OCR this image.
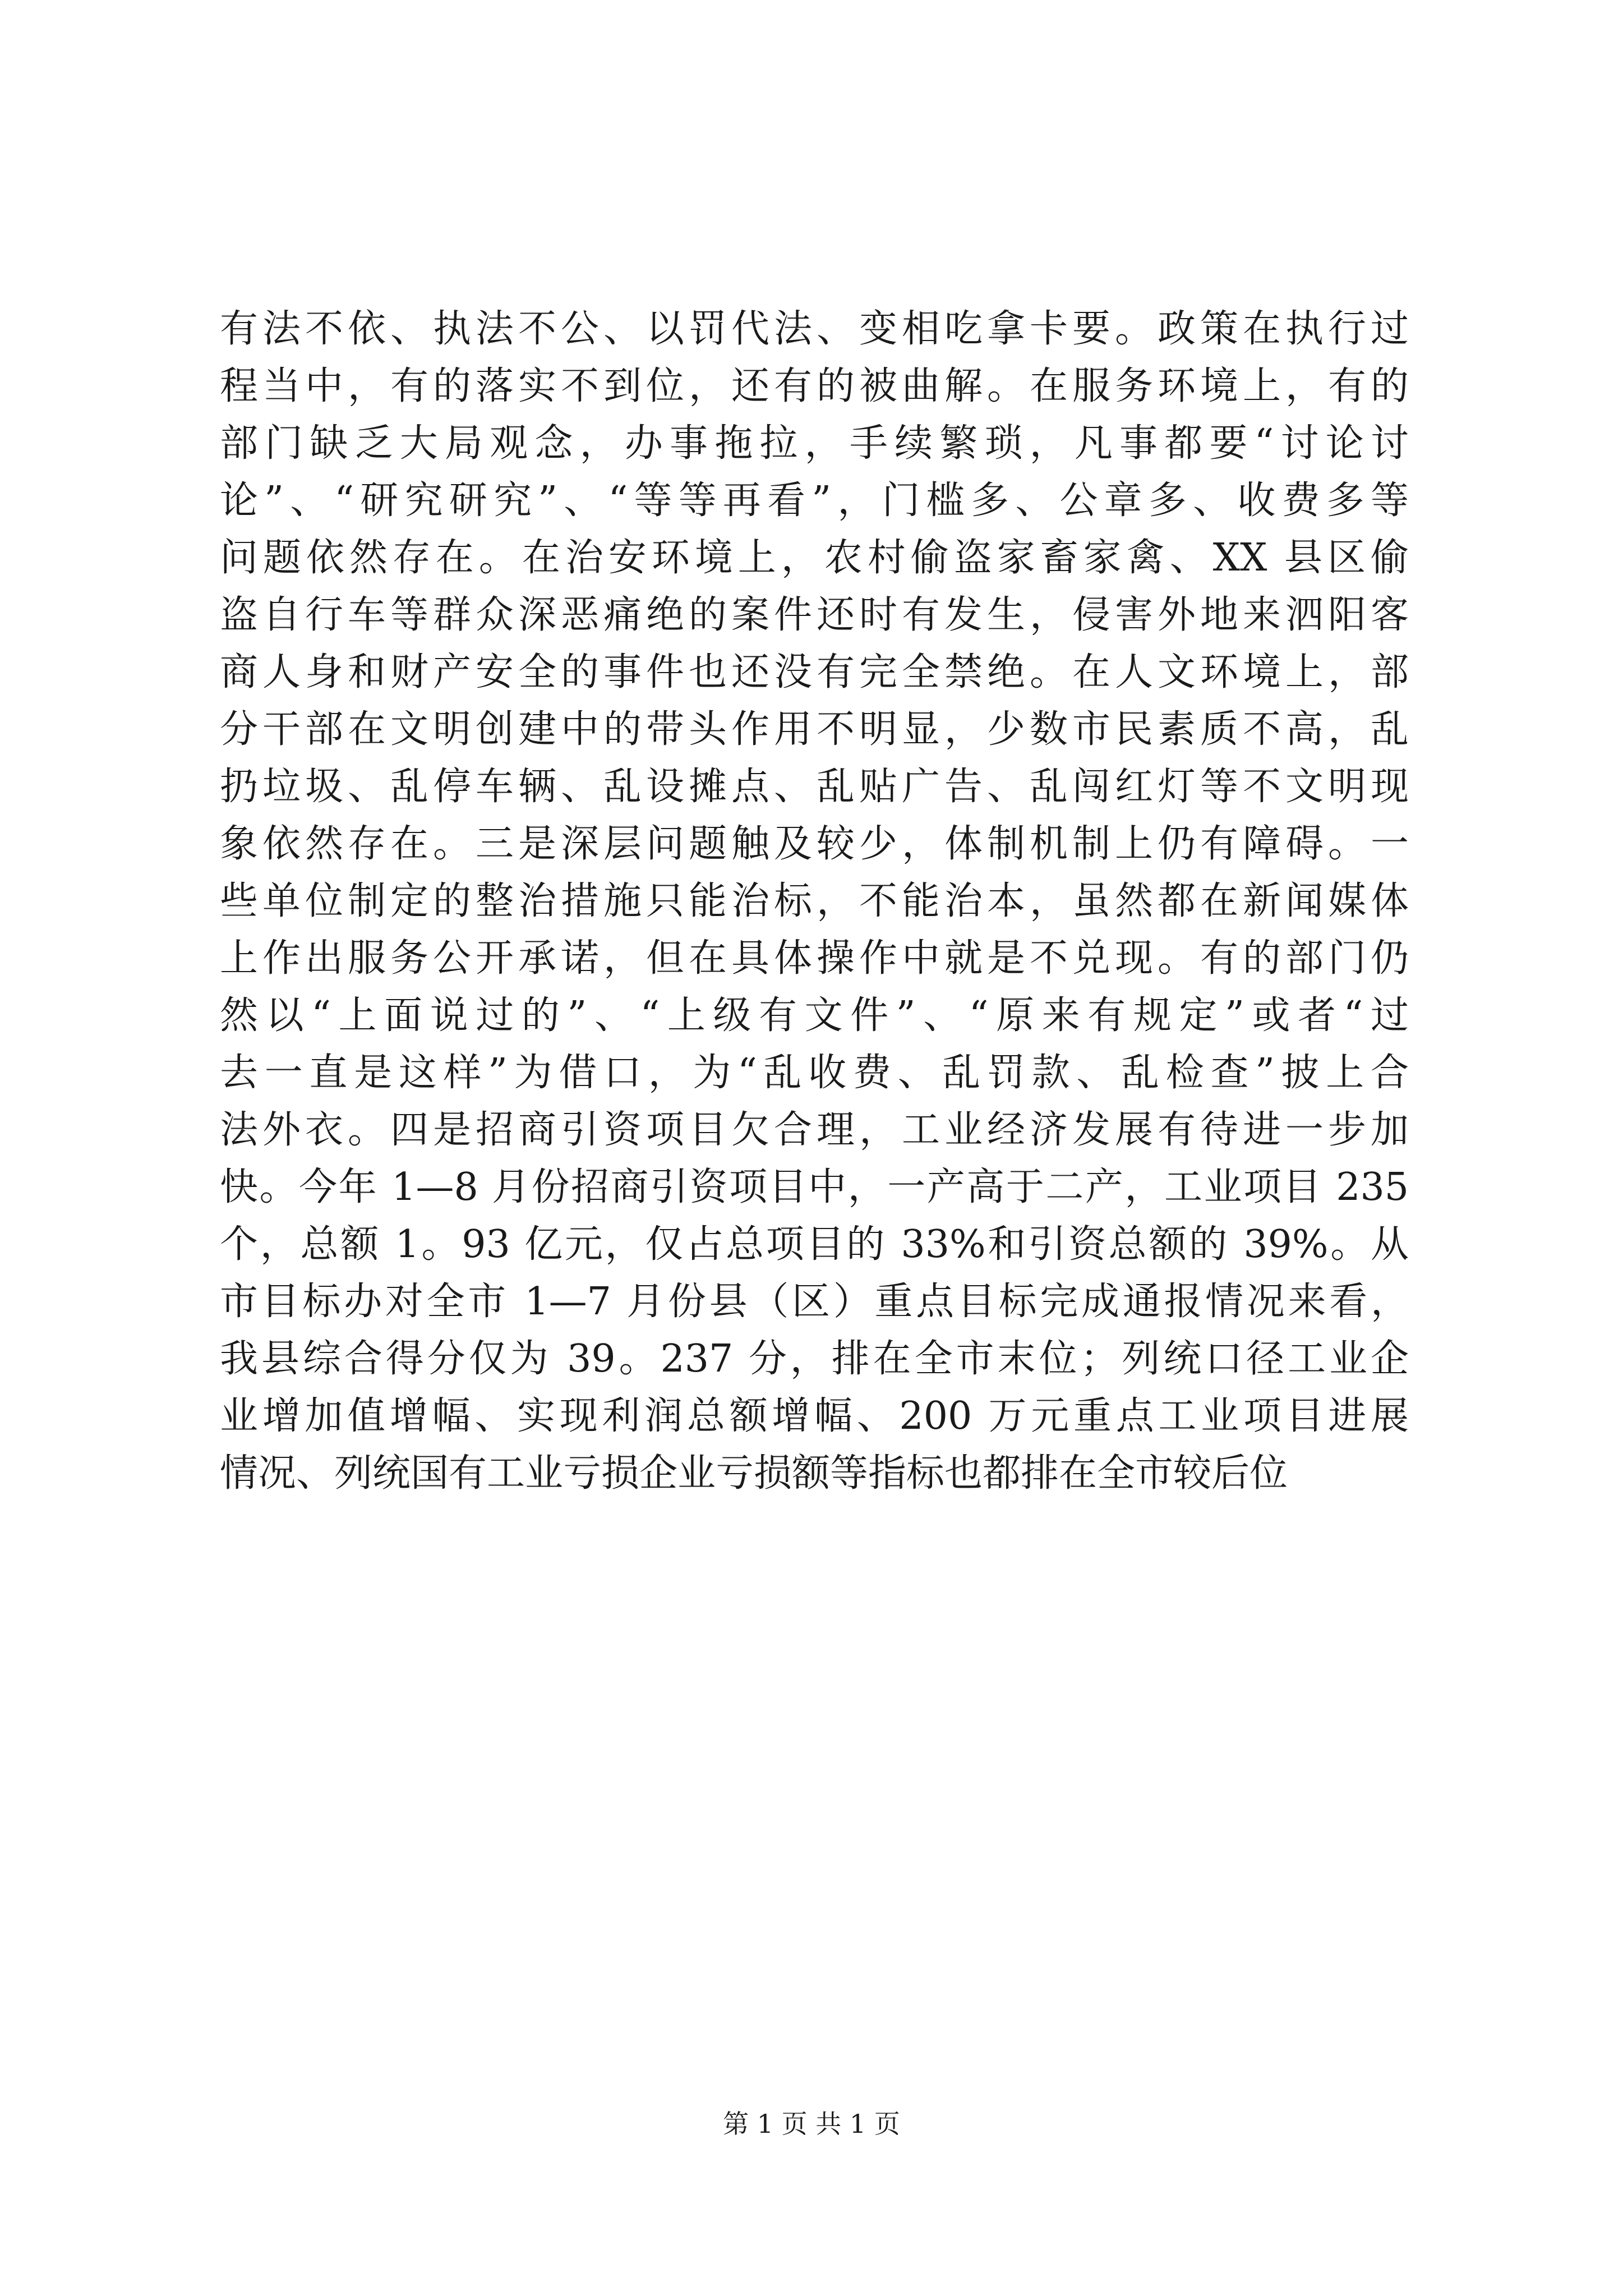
有法不依、执法不公、以罚代法、变相吃拿卡要。政策在执行过
程当中，有的落实不到位，还有的被曲解。在服务环境上，有的
部门缺乏大局观念，办事拖拉，手续繁琐，凡事都要“讨论讨
论”、“研究研究”、“等等再看”，门槛多、公章多、收费多等
问题依然存在。在治安环境上，农村偷盗家畜家禽、XX 县区偷
盗自行车等群众深恶痛绝的案件还时有发生，侵害外地来泗阳客
商人身和财产安全的事件也还没有完全禁绝。在人文环境上，部
分干部在文明创建中的带头作用不明显，少数市民素质不高，乱
扔垃圾、乱停车辆、乱设摊点、乱贴广告、乱闯红灯等不文明现
象依然存在。三是深层问题触及较少，体制机制上仍有障碍。一
些单位制定的整治措施只能治标，不能治本，虽然都在新闻媒体
上作出服务公开承诺，但在具体操作中就是不兑现。有的部门仍
然以“上面说过的”、“上级有文件”、“原来有规定”或者“过
去一直是这样”为借口，为“乱收费、乱罚款、乱检查”披上合
法外衣。四是招商引资项目欠合理，工业经济发展有待进一步加
快。今年 1—8 月份招商引资项目中，一产高于二产，工业项目 235
个，总额 1。93 亿元，仅占总项目的 33%和引资总额的 39%。从
市目标办对全市 1—7 月份县（区）重点目标完成通报情况来看，
我县综合得分仅为 39。237 分，排在全市末位；列统口径工业企
业增加值增幅、实现利润总额增幅、200 万元重点工业项目进展
情况、列统国有工业亏损企业亏损额等指标也都排在全市较后位
第 1 页 共 1 页
